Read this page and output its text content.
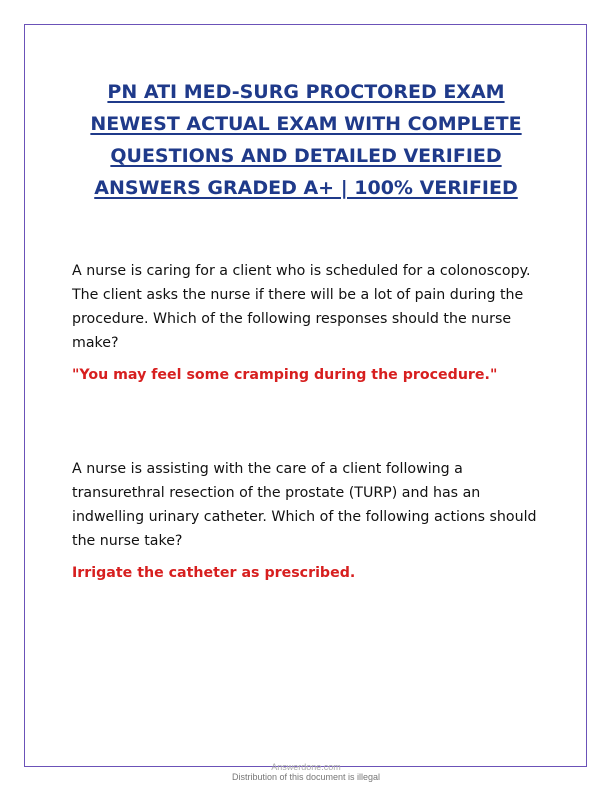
PN ATI MED-SURG PROCTORED EXAM NEWEST ACTUAL EXAM WITH COMPLETE QUESTIONS AND DETAILED VERIFIED ANSWERS GRADED A+ | 100% VERIFIED

A nurse is caring for a client who is scheduled for a colonoscopy. The client asks the nurse if there will be a lot of pain during the procedure. Which of the following responses should the nurse make?

"You may feel some cramping during the procedure."

A nurse is assisting with the care of a client following a transurethral resection of the prostate (TURP) and has an indwelling urinary catheter. Which of the following actions should the nurse take?

Irrigate the catheter as prescribed.

Answerdone.com
Distribution of this document is illegal
